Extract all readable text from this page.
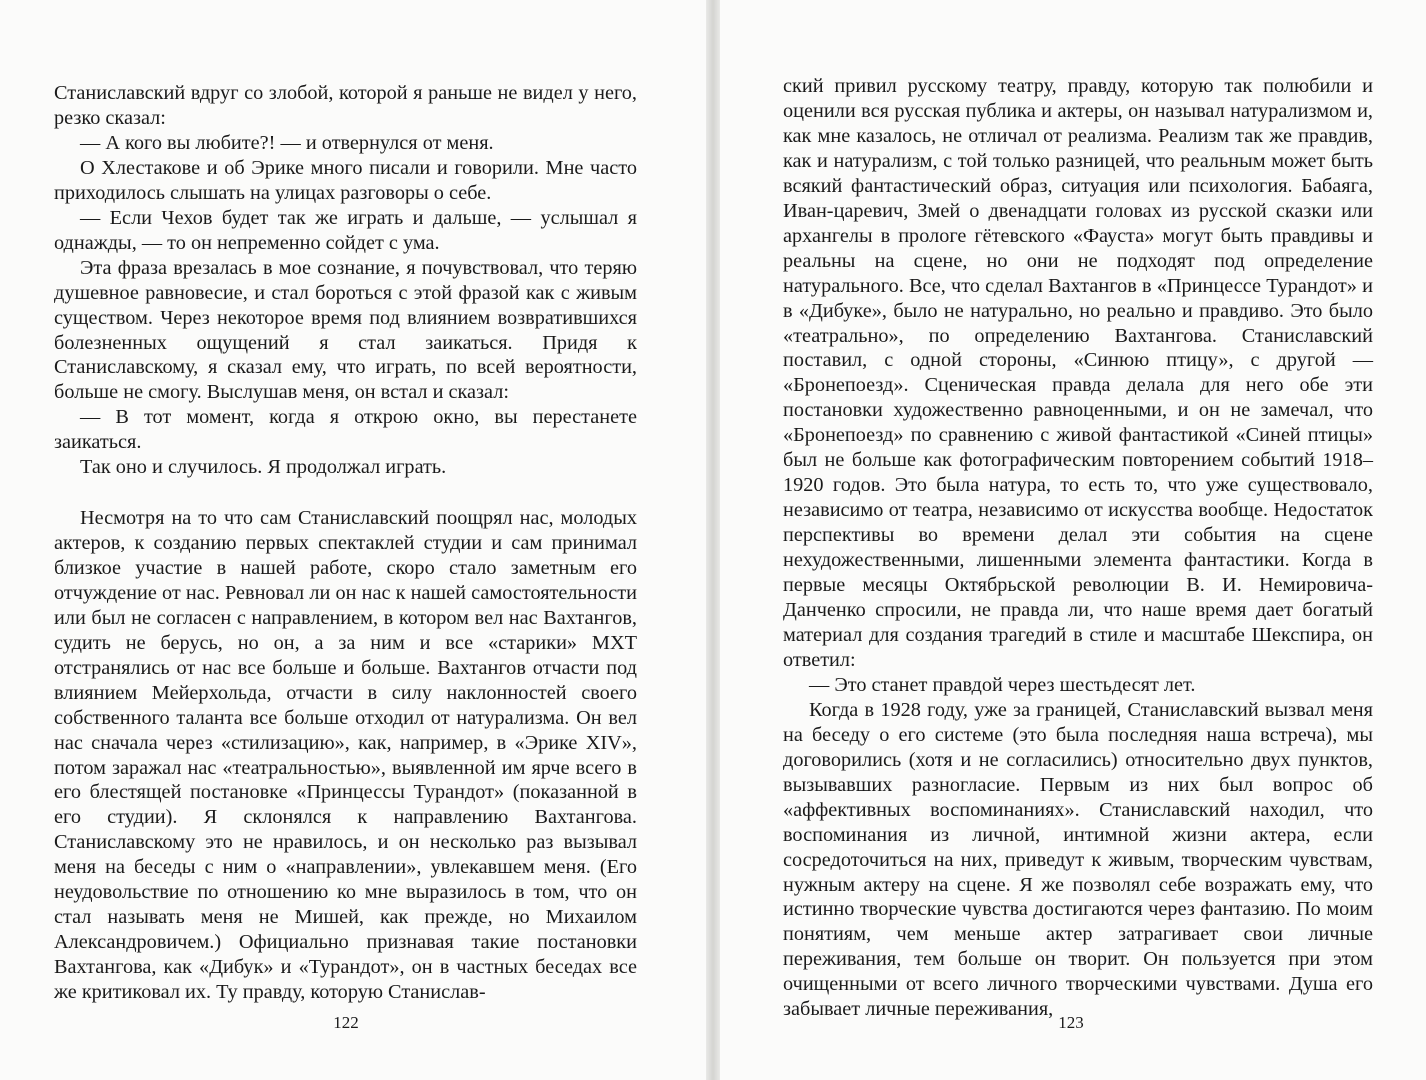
Станиславский вдруг со злобой, которой я раньше не видел у него, резко сказал:

— А кого вы любите?! — и отвернулся от меня.

О Хлестакове и об Эрике много писали и говорили. Мне часто приходилось слышать на улицах разговоры о себе.

— Если Чехов будет так же играть и дальше, — услышал я однажды, — то он непременно сойдет с ума.

Эта фраза врезалась в мое сознание, я почувствовал, что теряю душевное равновесие, и стал бороться с этой фразой как с живым существом. Через некоторое время под влиянием возвратившихся болезненных ощущений я стал заикаться. Придя к Станиславскому, я сказал ему, что играть, по всей вероятности, больше не смогу. Выслушав меня, он встал и сказал:

— В тот момент, когда я открою окно, вы перестанете заикаться.

Так оно и случилось. Я продолжал играть.

Несмотря на то что сам Станиславский поощрял нас, молодых актеров, к созданию первых спектаклей студии и сам принимал близкое участие в нашей работе, скоро стало заметным его отчуждение от нас. Ревновал ли он нас к нашей самостоятельности или был не согласен с направлением, в котором вел нас Вахтангов, судить не берусь, но он, а за ним и все «старики» МХТ отстранялись от нас все больше и больше. Вахтангов отчасти под влиянием Мейерхольда, отчасти в силу наклонностей своего собственного таланта все больше отходил от натурализма. Он вел нас сначала через «стилизацию», как, например, в «Эрике XIV», потом заражал нас «театральностью», выявленной им ярче всего в его блестящей постановке «Принцессы Турандот» (показанной в его студии). Я склонялся к направлению Вахтангова. Станиславскому это не нравилось, и он несколько раз вызывал меня на беседы с ним о «направлении», увлекавшем меня. (Его неудовольствие по отношению ко мне выразилось в том, что он стал называть меня не Мишей, как прежде, но Михаилом Александровичем.) Официально признавая такие постановки Вахтангова, как «Дибук» и «Турандот», он в частных беседах все же критиковал их. Ту правду, которую Станислав-

122

ский привил русскому театру, правду, которую так полюбили и оценили вся русская публика и актеры, он называл натурализмом и, как мне казалось, не отличал от реализма. Реализм так же правдив, как и натурализм, с той только разницей, что реальным может быть всякий фантастический образ, ситуация или психология. Бабаяга, Иван-царевич, Змей о двенадцати головах из русской сказки или архангелы в прологе гётевского «Фауста» могут быть правдивы и реальны на сцене, но они не подходят под определение натурального. Все, что сделал Вахтангов в «Принцессе Турандот» и в «Дибуке», было не натурально, но реально и правдиво. Это было «театрально», по определению Вахтангова. Станиславский поставил, с одной стороны, «Синюю птицу», с другой — «Бронепоезд». Сценическая правда делала для него обе эти постановки художественно равноценными, и он не замечал, что «Бронепоезд» по сравнению с живой фантастикой «Синей птицы» был не больше как фотографическим повторением событий 1918–1920 годов. Это была натура, то есть то, что уже существовало, независимо от театра, независимо от искусства вообще. Недостаток перспективы во времени делал эти события на сцене нехудожественными, лишенными элемента фантастики. Когда в первые месяцы Октябрьской революции В. И. Немировича-Данченко спросили, не правда ли, что наше время дает богатый материал для создания трагедий в стиле и масштабе Шекспира, он ответил:

— Это станет правдой через шестьдесят лет.

Когда в 1928 году, уже за границей, Станиславский вызвал меня на беседу о его системе (это была последняя наша встреча), мы договорились (хотя и не согласились) относительно двух пунктов, вызывавших разногласие. Первым из них был вопрос об «аффективных воспоминаниях». Станиславский находил, что воспоминания из личной, интимной жизни актера, если сосредоточиться на них, приведут к живым, творческим чувствам, нужным актеру на сцене. Я же позволял себе возражать ему, что истинно творческие чувства достигаются через фантазию. По моим понятиям, чем меньше актер затрагивает свои личные переживания, тем больше он творит. Он пользуется при этом очищенными от всего личного творческими чувствами. Душа его забывает личные переживания,

123
